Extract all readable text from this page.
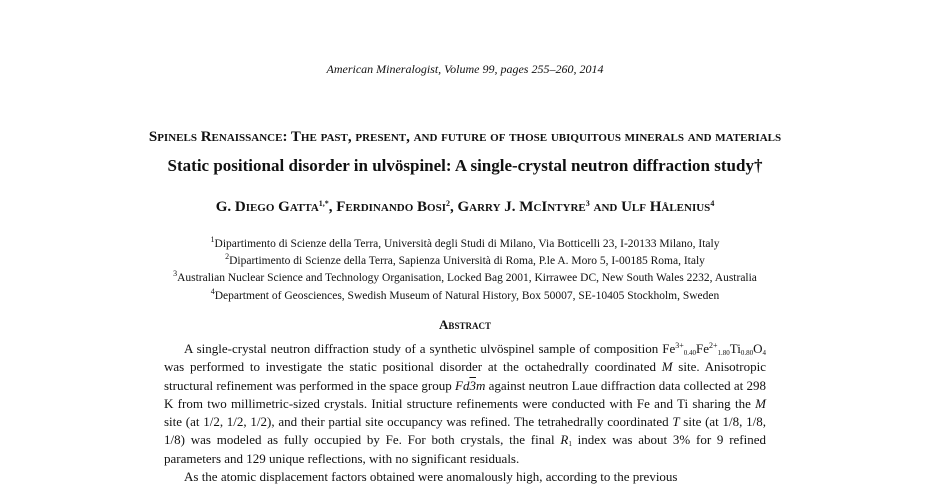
American Mineralogist, Volume 99, pages 255–260, 2014
Spinels Renaissance: The past, present, and future of those ubiquitous minerals and materials
Static positional disorder in ulvöspinel: A single-crystal neutron diffraction study†
G. Diego Gatta$^{1,*}$, Ferdinando Bosi$^2$, Garry J. McIntyre$^3$ and Ulf Hålenius$^4$
$^1$Dipartimento di Scienze della Terra, Università degli Studi di Milano, Via Botticelli 23, I-20133 Milano, Italy
$^2$Dipartimento di Scienze della Terra, Sapienza Università di Roma, P.le A. Moro 5, I-00185 Roma, Italy
$^3$Australian Nuclear Science and Technology Organisation, Locked Bag 2001, Kirrawee DC, New South Wales 2232, Australia
$^4$Department of Geosciences, Swedish Museum of Natural History, Box 50007, SE-10405 Stockholm, Sweden
Abstract

A single-crystal neutron diffraction study of a synthetic ulvöspinel sample of composition $Fe^{3+}_{0.40}Fe^{2+}_{1.80}Ti_{0.80}O_4$ was performed to investigate the static positional disorder at the octahedrally coordinated M site. Anisotropic structural refinement was performed in the space group Fd3m against neutron Laue diffraction data collected at 298 K from two millimetric-sized crystals. Initial structure refinements were conducted with Fe and Ti sharing the M site (at 1/2, 1/2, 1/2), and their partial site occupancy was refined. The tetrahedrally coordinated T site (at 1/8, 1/8, 1/8) was modeled as fully occupied by Fe. For both crystals, the final $R_1$ index was about 3% for 9 refined parameters and 129 unique reflections, with no significant residuals.

As the atomic displacement factors obtained were anomalously high, according to the previous
